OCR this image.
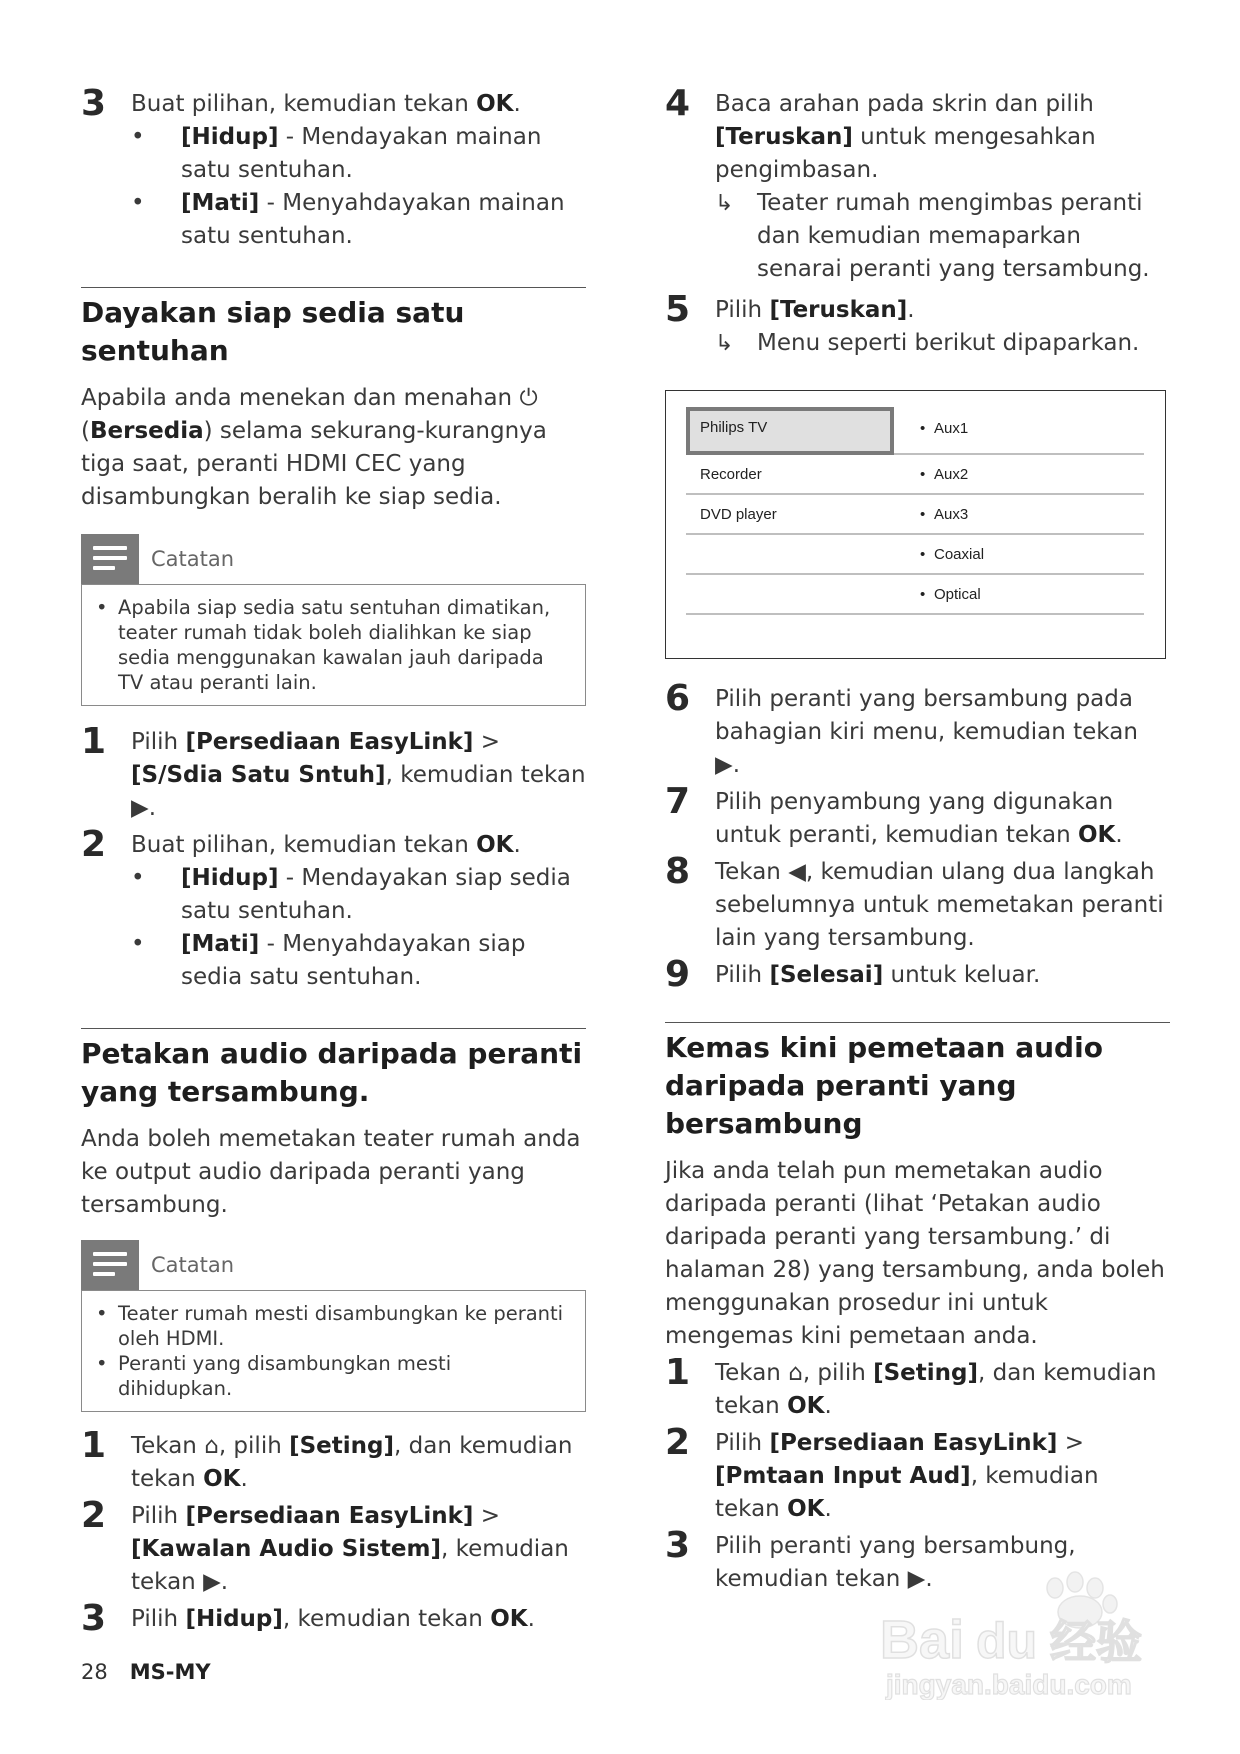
3 Buat pilihan, kemudian tekan OK.
• [Hidup] - Mendayakan mainan satu sentuhan.
• [Mati] - Menyahdayakan mainan satu sentuhan.
Dayakan siap sedia satu sentuhan

Apabila anda menekan dan menahan ⏻ (Bersedia) selama sekurang-kurangnya tiga saat, peranti HDMI CEC yang disambungkan beralih ke siap sedia.

Catatan
• Apabila siap sedia satu sentuhan dimatikan, teater rumah tidak boleh dialihkan ke siap sedia menggunakan kawalan jauh daripada TV atau peranti lain.
1 Pilih [Persediaan EasyLink] > [S/Sdia Satu Sntuh], kemudian tekan ▶.
2 Buat pilihan, kemudian tekan OK.
• [Hidup] - Mendayakan siap sedia satu sentuhan.
• [Mati] - Menyahdayakan siap sedia satu sentuhan.
Petakan audio daripada peranti yang tersambung.

Anda boleh memetakan teater rumah anda ke output audio daripada peranti yang tersambung.

Catatan
• Teater rumah mesti disambungkan ke peranti oleh HDMI.
• Peranti yang disambungkan mesti dihidupkan.
1 Tekan ⌂, pilih [Seting], dan kemudian tekan OK.
2 Pilih [Persediaan EasyLink] > [Kawalan Audio Sistem], kemudian tekan ▶.
3 Pilih [Hidup], kemudian tekan OK.
4 Baca arahan pada skrin dan pilih [Teruskan] untuk mengesahkan pengimbasan.
↳ Teater rumah mengimbas peranti dan kemudian memaparkan senarai peranti yang tersambung.
5 Pilih [Teruskan].
↳ Menu seperti berikut dipaparkan.
Philips TV
Recorder
DVD player
• Aux1
• Aux2
• Aux3
• Coaxial
• Optical
6 Pilih peranti yang bersambung pada bahagian kiri menu, kemudian tekan ▶.
7 Pilih penyambung yang digunakan untuk peranti, kemudian tekan OK.
8 Tekan ◀, kemudian ulang dua langkah sebelumnya untuk memetakan peranti lain yang tersambung.
9 Pilih [Selesai] untuk keluar.
Kemas kini pemetaan audio daripada peranti yang bersambung

Jika anda telah pun memetakan audio daripada peranti (lihat ‘Petakan audio daripada peranti yang tersambung.’ di halaman 28) yang tersambung, anda boleh menggunakan prosedur ini untuk mengemas kini pemetaan anda.

1 Tekan ⌂, pilih [Seting], dan kemudian tekan OK.
2 Pilih [Persediaan EasyLink] > [Pmtaan Input Aud], kemudian tekan OK.
3 Pilih peranti yang bersambung, kemudian tekan ▶.
28 MS-MY
Bai du 经验
jingyan.baidu.com
